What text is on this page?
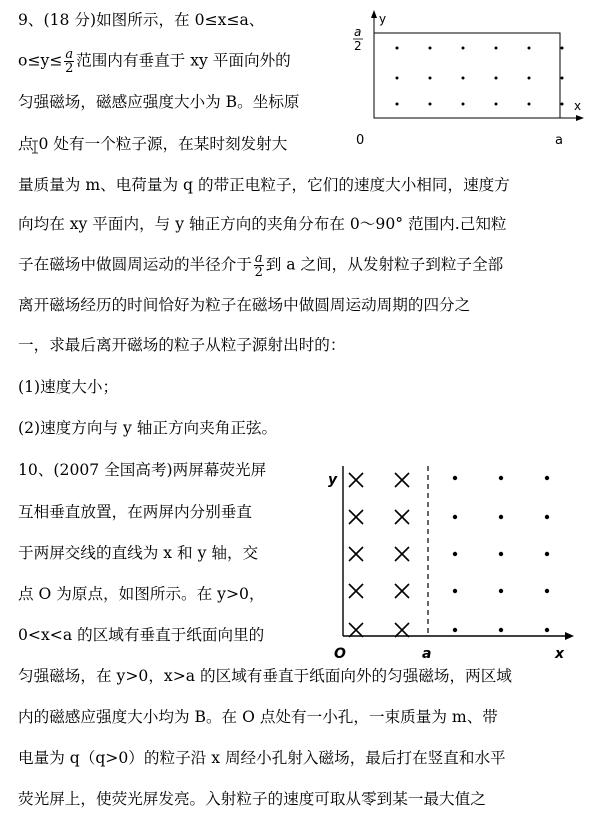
9、(18 分)如图所示，在 0≤x≤a、
$o\le y\le \frac{a}{2}$ 范围内有垂直于 xy 平面向外的
匀强磁场，磁感应强度大小为 B。坐标原
点 0 处有一个粒子源，在某时刻发射大
量质量为 m、电荷量为 q 的带正电粒子，它们的速度大小相同，速度方
向均在 xy 平面内，与 y 轴正方向的夹角分布在 0～90° 范围内.己知粒
子在磁场中做圆周运动的半径介于 $\frac{a}{2}$ 到 a 之间，从发射粒子到粒子全部
离开磁场经历的时间恰好为粒子在磁场中做圆周运动周期的四分之
一，求最后离开磁场的粒子从粒子源射出时的：
(1)速度大小；
(2)速度方向与 y 轴正方向夹角正弦。
y
a
2
x
0	a
10、(2007 全国高考)两屏幕荧光屏
互相垂直放置，在两屏内分别垂直
于两屏交线的直线为 x 和 y 轴，交
点 O 为原点，如图所示。在 y>0，
0<x<a 的区域有垂直于纸面向里的
匀强磁场，在 y>0，x>a 的区域有垂直于纸面向外的匀强磁场，两区域
内的磁感应强度大小均为 B。在 O 点处有一小孔，一束质量为 m、带
电量为 q（q>0）的粒子沿 x 周经小孔射入磁场，最后打在竖直和水平
荧光屏上，使荧光屏发亮。入射粒子的速度可取从零到某一最大值之
y
x
O	a
